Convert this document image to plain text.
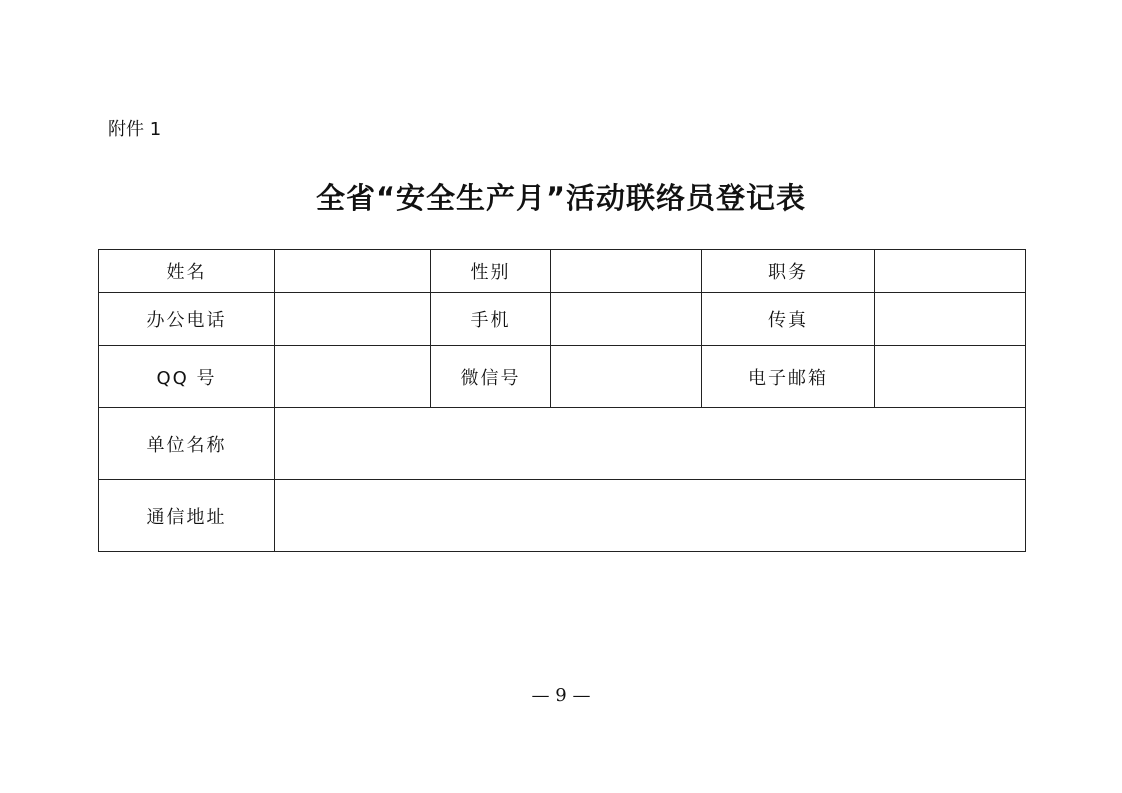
附件 1
全省“安全生产月”活动联络员登记表
姓名		性别		职务	
办公电话		手机		传真	
QQ 号		微信号		电子邮箱	
单位名称					
通信地址					
— 9 —
